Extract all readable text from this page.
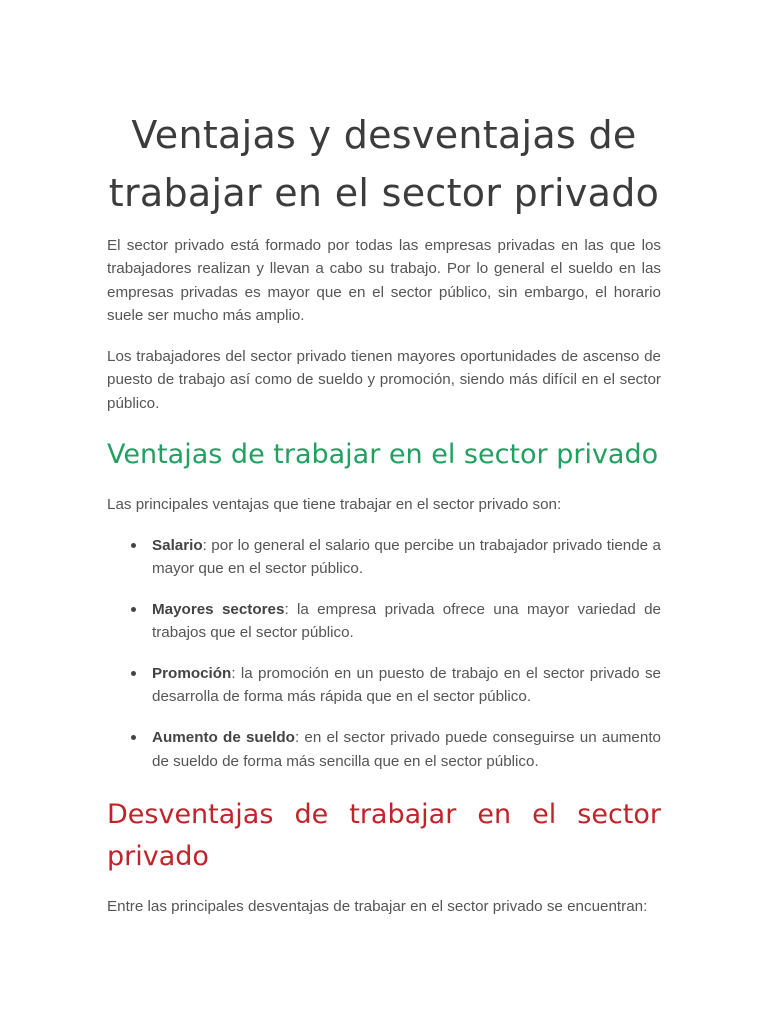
Ventajas y desventajas de trabajar en el sector privado

El sector privado está formado por todas las empresas privadas en las que los trabajadores realizan y llevan a cabo su trabajo. Por lo general el sueldo en las empresas privadas es mayor que en el sector público, sin embargo, el horario suele ser mucho más amplio.

Los trabajadores del sector privado tienen mayores oportunidades de ascenso de puesto de trabajo así como de sueldo y promoción, siendo más difícil en el sector público.

Ventajas de trabajar en el sector privado

Las principales ventajas que tiene trabajar en el sector privado son:

Salario: por lo general el salario que percibe un trabajador privado tiende a mayor que en el sector público.
Mayores sectores: la empresa privada ofrece una mayor variedad de trabajos que el sector público.
Promoción: la promoción en un puesto de trabajo en el sector privado se desarrolla de forma más rápida que en el sector público.
Aumento de sueldo: en el sector privado puede conseguirse un aumento de sueldo de forma más sencilla que en el sector público.
Desventajas de trabajar en el sector privado

Entre las principales desventajas de trabajar en el sector privado se encuentran:
